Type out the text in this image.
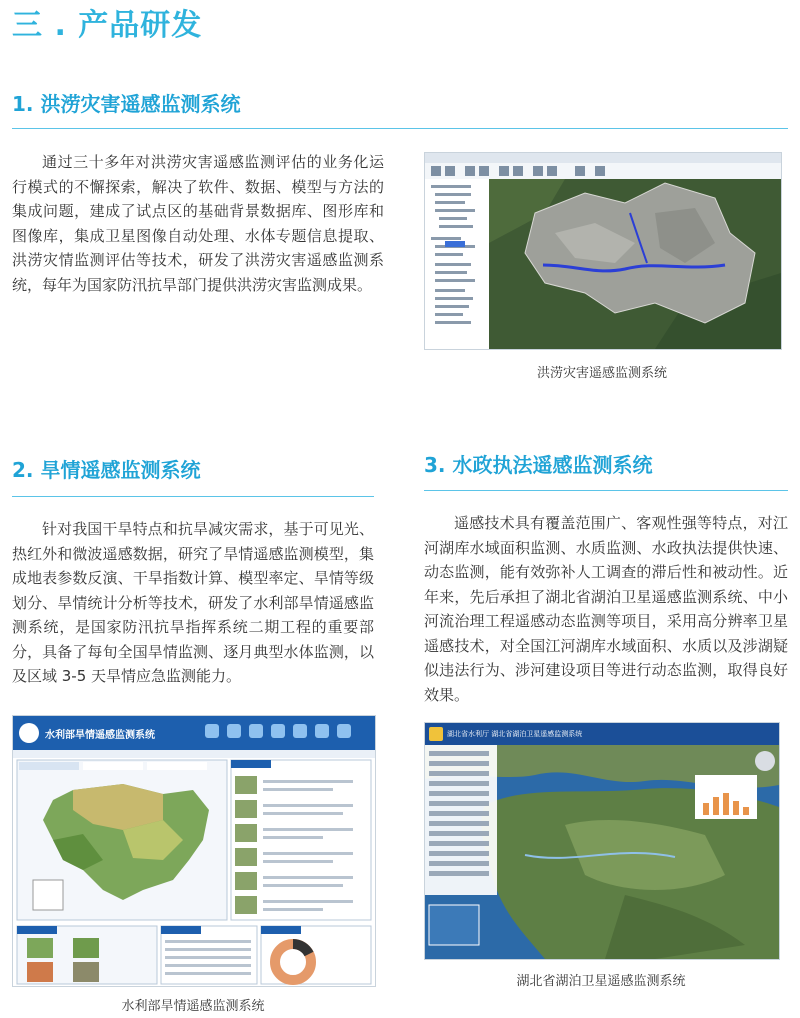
三 . 产品研发
1. 洪涝灾害遥感监测系统
通过三十多年对洪涝灾害遥感监测评估的业务化运行模式的不懈探索，解决了软件、数据、模型与方法的集成问题，建成了试点区的基础背景数据库、图形库和图像库，集成卫星图像自动处理、水体专题信息提取、洪涝灾情监测评估等技术，研发了洪涝灾害遥感监测系统，每年为国家防汛抗旱部门提供洪涝灾害监测成果。
洪涝灾害遥感监测系统
2. 旱情遥感监测系统
针对我国干旱特点和抗旱减灾需求，基于可见光、热红外和微波遥感数据，研究了旱情遥感监测模型，集成地表参数反演、干旱指数计算、模型率定、旱情等级划分、旱情统计分析等技术，研发了水利部旱情遥感监测系统，是国家防汛抗旱指挥系统二期工程的重要部分，具备了每旬全国旱情监测、逐月典型水体监测，以及区域 3-5 天旱情应急监测能力。
水利部旱情遥感监测系统
水利部旱情遥感监测系统
3. 水政执法遥感监测系统
遥感技术具有覆盖范围广、客观性强等特点，对江河湖库水域面积监测、水质监测、水政执法提供快速、动态监测，能有效弥补人工调查的滞后性和被动性。近年来，先后承担了湖北省湖泊卫星遥感监测系统、中小河流治理工程遥感动态监测等项目，采用高分辨率卫星遥感技术，对全国江河湖库水域面积、水质以及涉湖疑似违法行为、涉河建设项目等进行动态监测，取得良好效果。
湖北省水利厅 湖北省湖泊卫星遥感监测系统
湖北省湖泊卫星遥感监测系统
